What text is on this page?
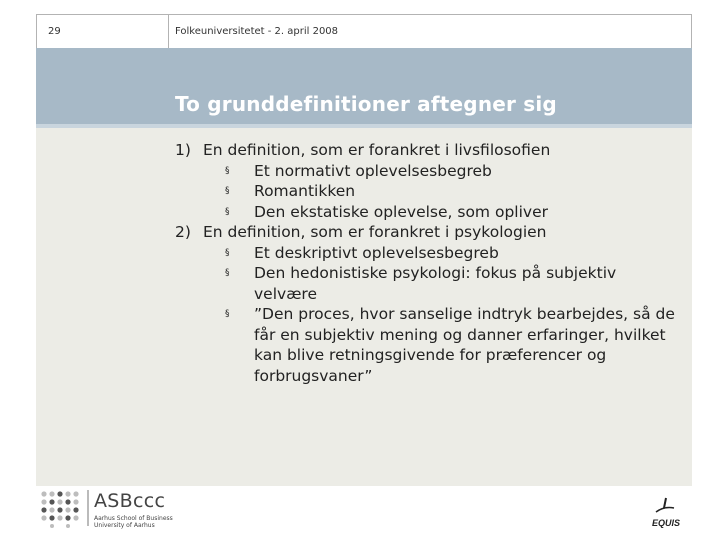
29	Folkeuniversitetet - 2. april 2008
To grunddefinitioner aftegner sig

1) En definition, som er forankret i livsfilosofien

§ Et normativt oplevelsesbegreb

§ Romantikken

§ Den ekstatiske oplevelse, som opliver

2) En definition, som er forankret i psykologien

§ Et deskriptivt oplevelsesbegreb

§ Den hedonistiske psykologi: fokus på subjektiv velvære

§ ”Den proces, hvor sanselige indtryk bearbejdes, så de får en subjektiv mening og danner erfaringer, hvilket kan blive retningsgivende for præferencer og forbrugsvaner”

ASBccc
Aarhus School of Business
University of Aarhus	EQUIS
